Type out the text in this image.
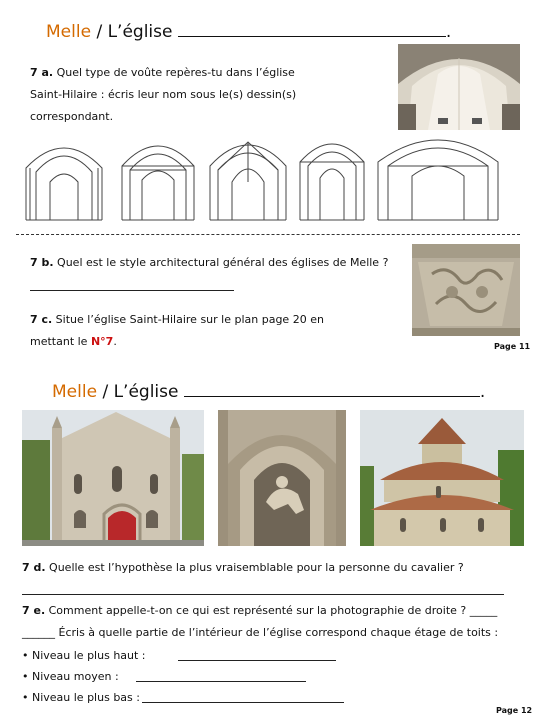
Melle / L’église	.
7 a. Quel type de voûte repères-tu dans l’église
Saint-Hilaire : écris leur nom sous le(s) dessin(s)
correspondant.
7 b. Quel est le style architectural général des églises de Melle ?
7 c. Situe l’église Saint-Hilaire sur le plan page 20 en
mettant le N°7.	Page 11
Melle / L’église	.
7 d. Quelle est l’hypothèse la plus vraisemblable pour la personne du cavalier ?
7 e. Comment appelle-t-on ce qui est représenté sur la photographie de droite ? _____
______ Écris à quelle partie de l’intérieur de l’église correspond chaque étage de toits :
• Niveau le plus haut :
• Niveau moyen :
• Niveau le plus bas :
Page 12
